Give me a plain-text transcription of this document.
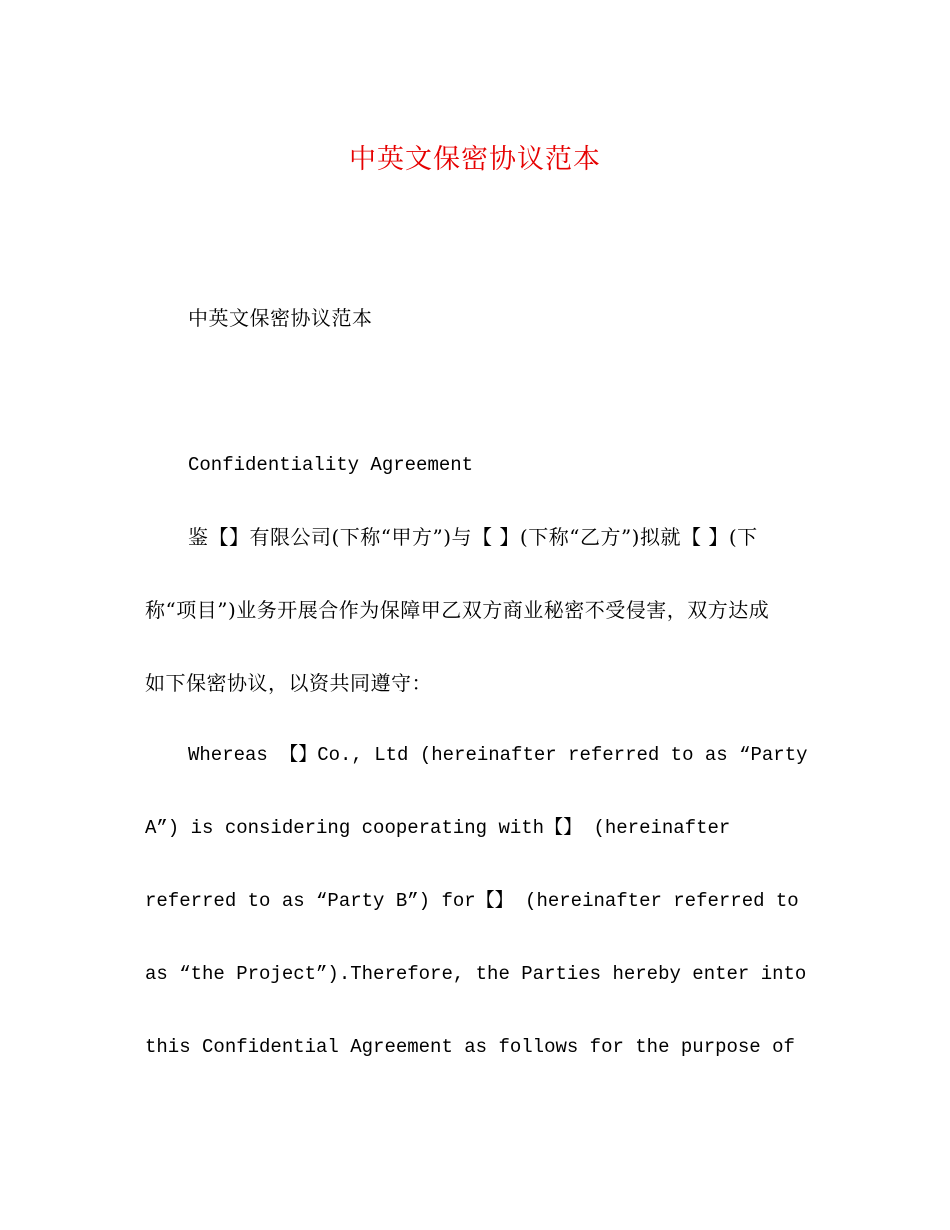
中英文保密协议范本
中英文保密协议范本
Confidentiality Agreement
鉴【】有限公司(下称“甲方”)与【 】(下称“乙方”)拟就【 】(下
称“项目”)业务开展合作为保障甲乙双方商业秘密不受侵害，双方达成
如下保密协议，以资共同遵守：
Whereas 【】Co., Ltd (hereinafter referred to as “Party
A”) is considering cooperating with【】 (hereinafter
referred to as “Party B”) for【】 (hereinafter referred to
as “the Project”).Therefore, the Parties hereby enter into
this Confidential Agreement as follows for the purpose of
